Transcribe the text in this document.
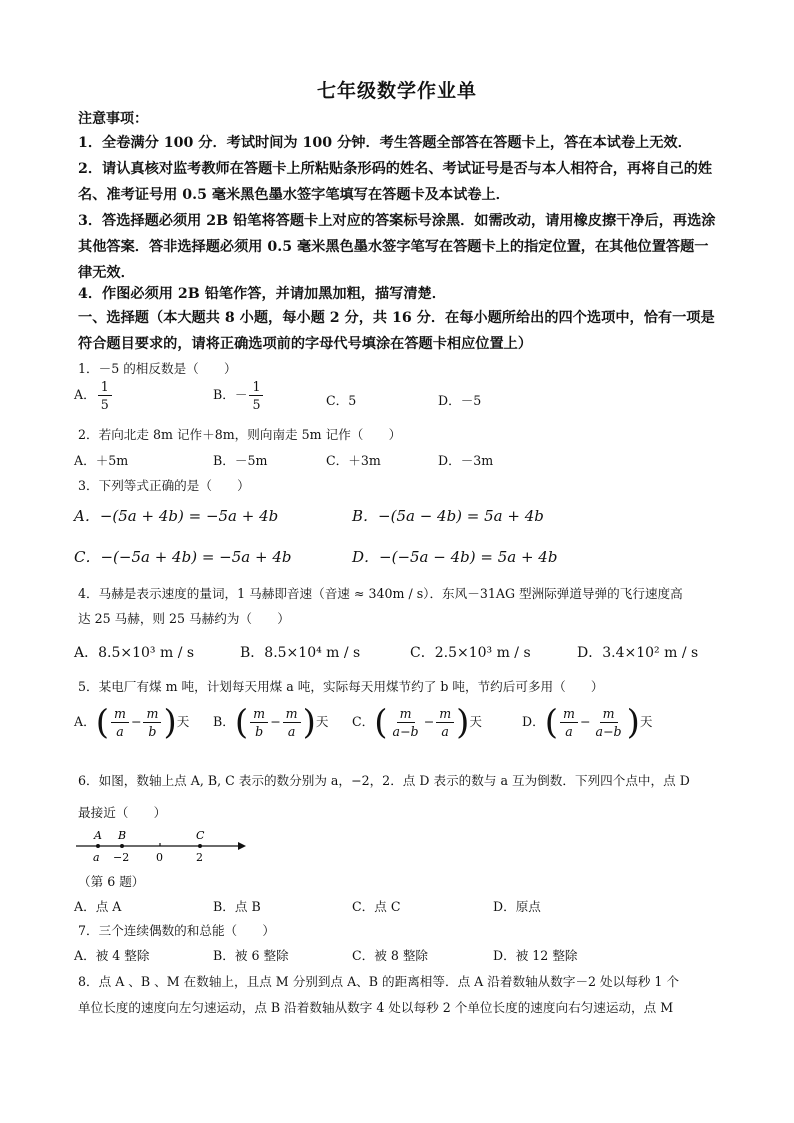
七年级数学作业单
注意事项：
1．全卷满分 100 分．考试时间为 100 分钟．考生答题全部答在答题卡上，答在本试卷上无效．
2．请认真核对监考教师在答题卡上所粘贴条形码的姓名、考试证号是否与本人相符合，再将自己的姓名、准考证号用 0.5 毫米黑色墨水签字笔填写在答题卡及本试卷上．
3．答选择题必须用 2B 铅笔将答题卡上对应的答案标号涂黑．如需改动，请用橡皮擦干净后，再选涂其他答案．答非选择题必须用 0.5 毫米黑色墨水签字笔写在答题卡上的指定位置，在其他位置答题一律无效．
4．作图必须用 2B 铅笔作答，并请加黑加粗，描写清楚．
一、选择题（本大题共 8 小题，每小题 2 分，共 16 分．在每小题所给出的四个选项中，恰有一项是符合题目要求的，请将正确选项前的字母代号填涂在答题卡相应位置上）
1．－5 的相反数是（　　）
A． $\frac{1}{5}$	B．－ $\frac{1}{5}$	C．5	D．－5
2．若向北走 8m 记作＋8m，则向南走 5m 记作（　　）
A．＋5m	B．－5m	C．＋3m	D．－3m
3．下列等式正确的是（　　）
A．−(5a + 4b) = −5a + 4b	B．−(5a − 4b) = 5a + 4b
C．−(−5a + 4b) = −5a + 4b	D．−(−5a − 4b) = 5a + 4b
4．马赫是表示速度的量词，1 马赫即音速（音速 ≈ 340m / s）．东风－31AG 型洲际弹道导弹的飞行速度高
达 25 马赫，则 25 马赫约为（　　）
A．8.5×10³ m / s	B．8.5×10⁴ m / s	C．2.5×10³ m / s	D．3.4×10² m / s
5．某电厂有煤 m 吨，计划每天用煤 a 吨，实际每天用煤节约了 b 吨，节约后可多用（　　）
A．( $\frac{m}{a} - \frac{m}{b}$ )天 B．( $\frac{m}{b} - \frac{m}{a}$ )天 C．( $\frac{m}{a-b} - \frac{m}{a}$ )天	D．( $\frac{m}{a} - \frac{m}{a-b}$ )天
6．如图，数轴上点 A, B, C 表示的数分别为 a，−2，2．点 D 表示的数与 a 互为倒数．下列四个点中，点 D
最接近（　　）
A B	C
a −2 0	2
（第 6 题）
A．点 A	B．点 B	C．点 C	D．原点
7．三个连续偶数的和总能（　　）
A．被 4 整除	B．被 6 整除	C．被 8 整除	D．被 12 整除
8．点 A 、B 、M 在数轴上，且点 M 分别到点 A、B 的距离相等．点 A 沿着数轴从数字－2 处以每秒 1 个
单位长度的速度向左匀速运动，点 B 沿着数轴从数字 4 处以每秒 2 个单位长度的速度向右匀速运动，点 M
